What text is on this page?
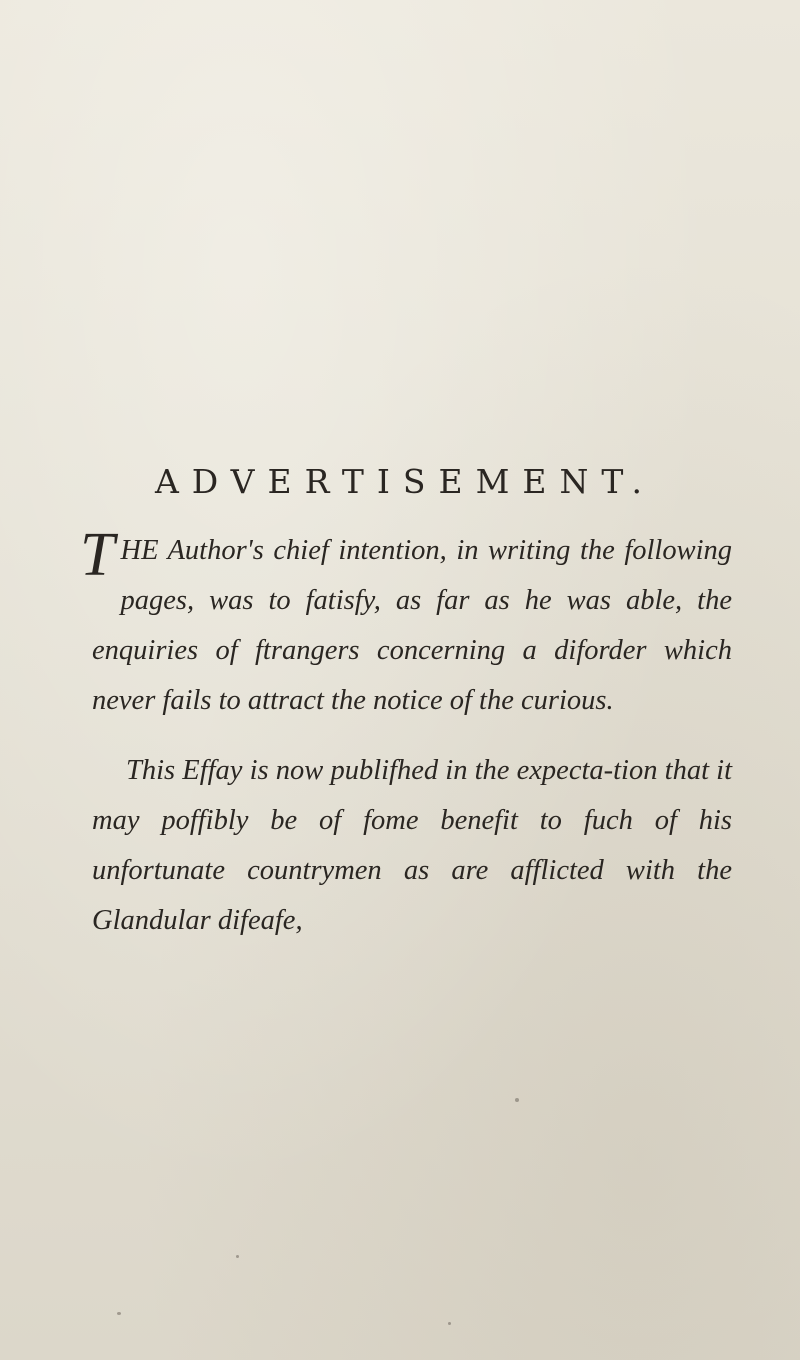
ADVERTISEMENT.

THE Author's chief intention, in writing the following pages, was to fatisfy, as far as he was able, the enquiries of ftrangers concerning a diforder which never fails to attract the notice of the curious.

This Effay is now publifhed in the expecta-tion that it may poffibly be of fome benefit to fuch of his unfortunate countrymen as are afflicted with the Glandular difeafe,
